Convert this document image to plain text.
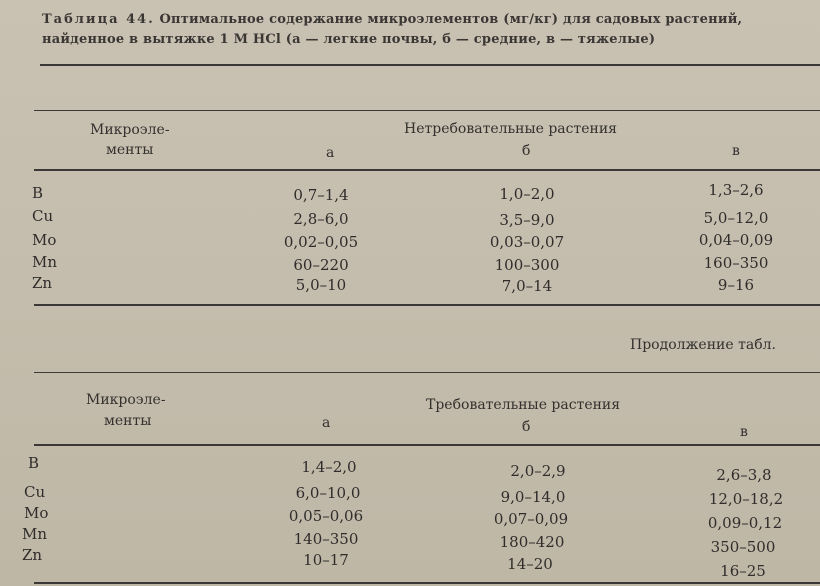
Таблица 44. Оптимальное содержание микроэлементов (мг/кг) для садовых растений, найденное в вытяжке 1 М HCl (а — легкие почвы, б — средние, в — тяжелые)
Микроэле-
менты
Нетребовательные растения
а	б	в
B	0,7–1,4	1,0–2,0	1,3–2,6
Cu	2,8–6,0	3,5–9,0	5,0–12,0
Mo	0,02–0,05	0,03–0,07	0,04–0,09
Mn	60–220	100–300	160–350
Zn	5,0–10	7,0–14	9–16
Продолжение табл.
Микроэле-
менты
Требовательные растения
а	б	в
B	1,4–2,0	2,0–2,9	2,6–3,8
Cu	6,0–10,0	9,0–14,0	12,0–18,2
Mo	0,05–0,06	0,07–0,09	0,09–0,12
Mn	140–350	180–420	350–500
Zn	10–17	14–20	16–25
